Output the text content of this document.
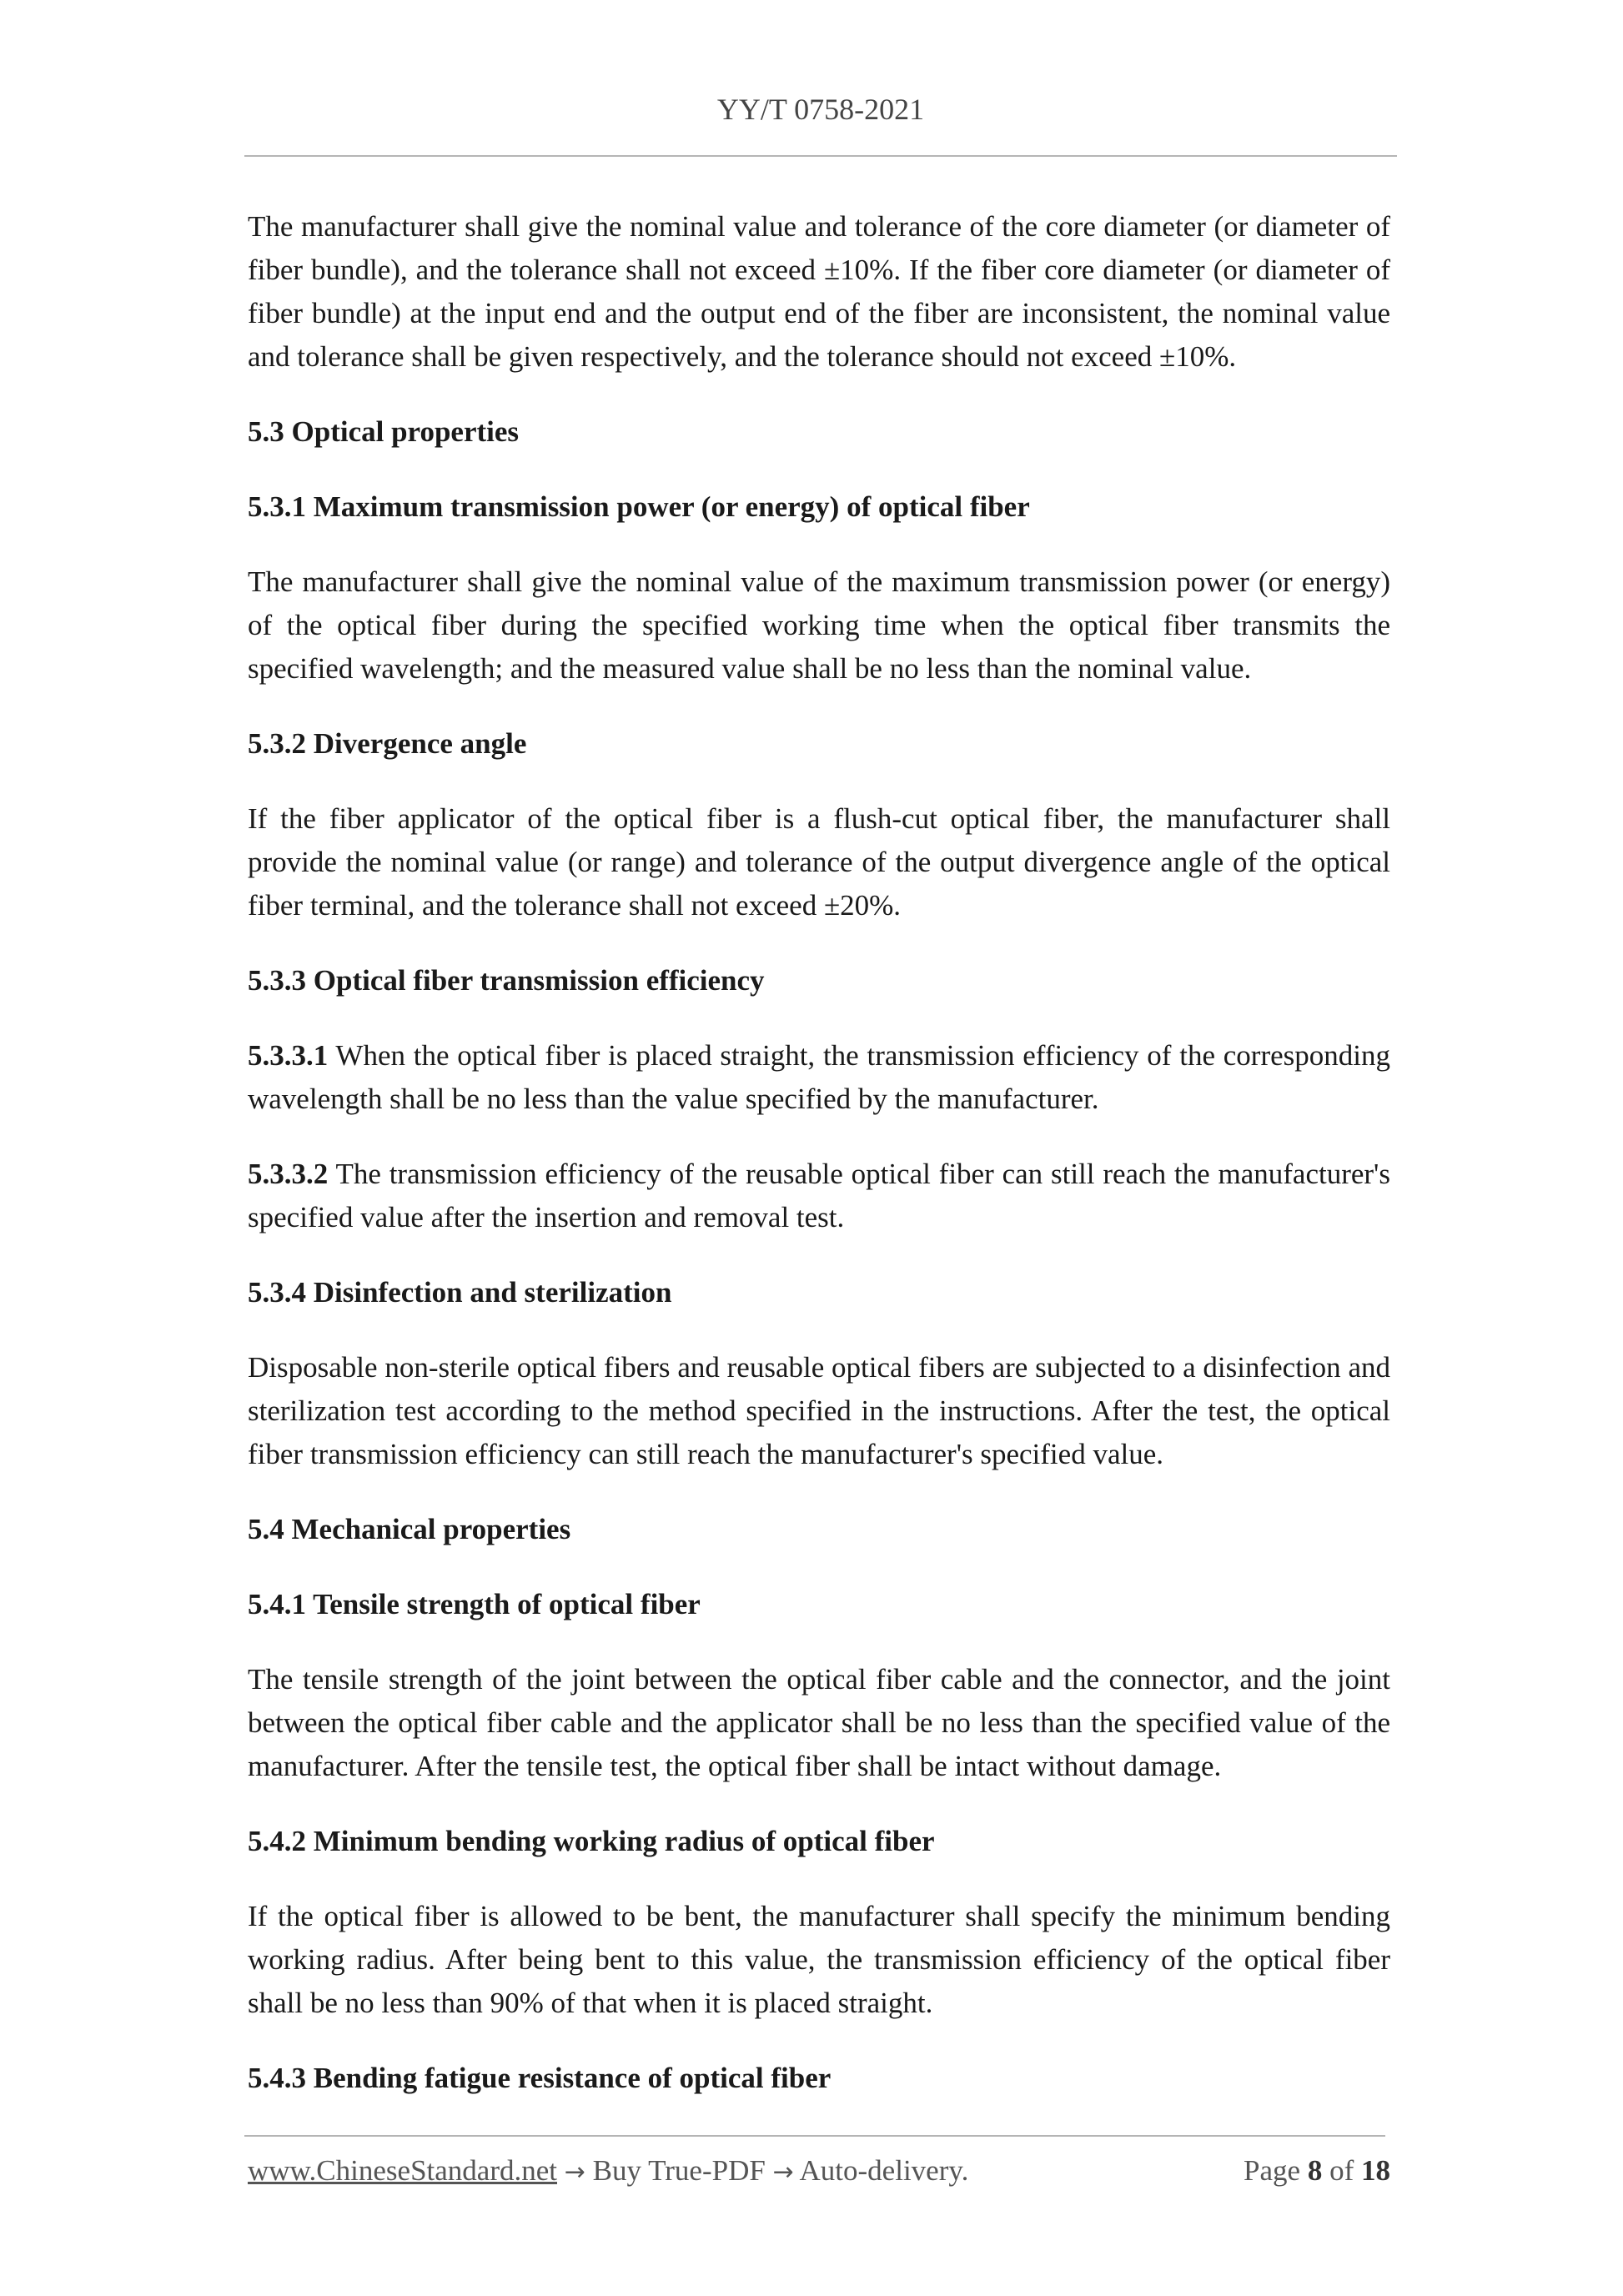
YY/T 0758-2021

The manufacturer shall give the nominal value and tolerance of the core diameter (or diameter of fiber bundle), and the tolerance shall not exceed ±10%. If the fiber core diameter (or diameter of fiber bundle) at the input end and the output end of the fiber are inconsistent, the nominal value and tolerance shall be given respectively, and the tolerance should not exceed ±10%.

5.3 Optical properties
5.3.1 Maximum transmission power (or energy) of optical fiber

The manufacturer shall give the nominal value of the maximum transmission power (or energy) of the optical fiber during the specified working time when the optical fiber transmits the specified wavelength; and the measured value shall be no less than the nominal value.

5.3.2 Divergence angle

If the fiber applicator of the optical fiber is a flush-cut optical fiber, the manufacturer shall provide the nominal value (or range) and tolerance of the output divergence angle of the optical fiber terminal, and the tolerance shall not exceed ±20%.

5.3.3 Optical fiber transmission efficiency

5.3.3.1 When the optical fiber is placed straight, the transmission efficiency of the corresponding wavelength shall be no less than the value specified by the manufacturer.

5.3.3.2 The transmission efficiency of the reusable optical fiber can still reach the manufacturer's specified value after the insertion and removal test.

5.3.4 Disinfection and sterilization

Disposable non-sterile optical fibers and reusable optical fibers are subjected to a disinfection and sterilization test according to the method specified in the instructions. After the test, the optical fiber transmission efficiency can still reach the manufacturer's specified value.

5.4 Mechanical properties
5.4.1 Tensile strength of optical fiber

The tensile strength of the joint between the optical fiber cable and the connector, and the joint between the optical fiber cable and the applicator shall be no less than the specified value of the manufacturer. After the tensile test, the optical fiber shall be intact without damage.

5.4.2 Minimum bending working radius of optical fiber

If the optical fiber is allowed to be bent, the manufacturer shall specify the minimum bending working radius. After being bent to this value, the transmission efficiency of the optical fiber shall be no less than 90% of that when it is placed straight.

5.4.3 Bending fatigue resistance of optical fiber
www.ChineseStandard.net → Buy True-PDF → Auto-delivery.	Page 8 of 18
